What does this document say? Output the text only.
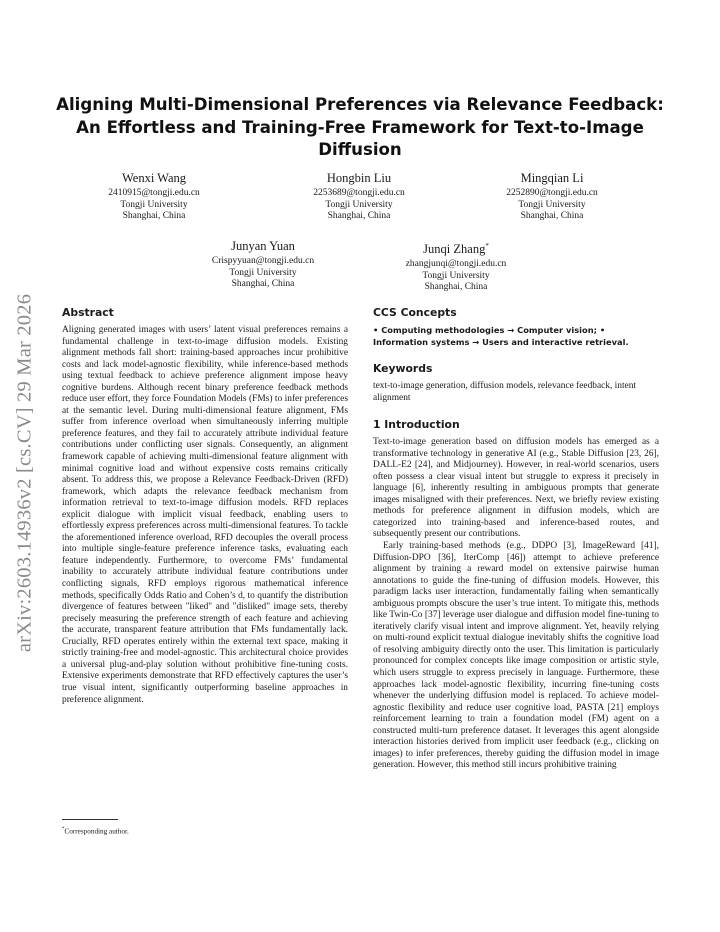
arXiv:2603.14936v2 [cs.CV] 29 Mar 2026
Aligning Multi-Dimensional Preferences via Relevance Feedback:
An Effortless and Training-Free Framework for Text-to-Image
Diffusion
Wenxi Wang
2410915@tongji.edu.cn
Tongji University
Shanghai, China
Hongbin Liu
2253689@tongji.edu.cn
Tongji University
Shanghai, China
Mingqian Li
2252890@tongji.edu.cn
Tongji University
Shanghai, China
Junyan Yuan
Crispyyuan@tongji.edu.cn
Tongji University
Shanghai, China
Junqi Zhang*
zhangjunqi@tongji.edu.cn
Tongji University
Shanghai, China
Abstract

Aligning generated images with users’ latent visual preferences remains a fundamental challenge in text-to-image diffusion models. Existing alignment methods fall short: training-based approaches incur prohibitive costs and lack model-agnostic flexibility, while inference-based methods using textual feedback to achieve preference alignment impose heavy cognitive burdens. Although recent binary preference feedback methods reduce user effort, they force Foundation Models (FMs) to infer preferences at the semantic level. During multi-dimensional feature alignment, FMs suffer from inference overload when simultaneously inferring multiple preference features, and they fail to accurately attribute individual feature contributions under conflicting user signals. Consequently, an alignment framework capable of achieving multi-dimensional feature alignment with minimal cognitive load and without expensive costs remains critically absent. To address this, we propose a Relevance Feedback-Driven (RFD) framework, which adapts the relevance feedback mechanism from information retrieval to text-to-image diffusion models. RFD replaces explicit dialogue with implicit visual feedback, enabling users to effortlessly express preferences across multi-dimensional features. To tackle the aforementioned inference overload, RFD decouples the overall process into multiple single-feature preference inference tasks, evaluating each feature independently. Furthermore, to overcome FMs’ fundamental inability to accurately attribute individual feature contributions under conflicting signals, RFD employs rigorous mathematical inference methods, specifically Odds Ratio and Cohen’s d, to quantify the distribution divergence of features between "liked" and "disliked" image sets, thereby precisely measuring the preference strength of each feature and achieving the accurate, transparent feature attribution that FMs fundamentally lack. Crucially, RFD operates entirely within the external text space, making it strictly training-free and model-agnostic. This architectural choice provides a universal plug-and-play solution without prohibitive fine-tuning costs. Extensive experiments demonstrate that RFD effectively captures the user’s true visual intent, significantly outperforming baseline approaches in preference alignment.

CCS Concepts

• Computing methodologies → Computer vision; • Information systems → Users and interactive retrieval.

Keywords

text-to-image generation, diffusion models, relevance feedback, intent alignment

1 Introduction

Text-to-image generation based on diffusion models has emerged as a transformative technology in generative AI (e.g., Stable Diffusion [23, 26], DALL-E2 [24], and Midjourney). However, in real-world scenarios, users often possess a clear visual intent but struggle to express it precisely in language [6], inherently resulting in ambiguous prompts that generate images misaligned with their preferences. Next, we briefly review existing methods for preference alignment in diffusion models, which are categorized into training-based and inference-based routes, and subsequently present our contributions.

Early training-based methods (e.g., DDPO [3], ImageReward [41], Diffusion-DPO [36], IterComp [46]) attempt to achieve preference alignment by training a reward model on extensive pairwise human annotations to guide the fine-tuning of diffusion models. However, this paradigm lacks user interaction, fundamentally failing when semantically ambiguous prompts obscure the user’s true intent. To mitigate this, methods like Twin-Co [37] leverage user dialogue and diffusion model fine-tuning to iteratively clarify visual intent and improve alignment. Yet, heavily relying on multi-round explicit textual dialogue inevitably shifts the cognitive load of resolving ambiguity directly onto the user. This limitation is particularly pronounced for complex concepts like image composition or artistic style, which users struggle to express precisely in language. Furthermore, these approaches lack model-agnostic flexibility, incurring fine-tuning costs whenever the underlying diffusion model is replaced. To achieve model-agnostic flexibility and reduce user cognitive load, PASTA [21] employs reinforcement learning to train a foundation model (FM) agent on a constructed multi-turn preference dataset. It leverages this agent alongside interaction histories derived from implicit user feedback (e.g., clicking on images) to infer preferences, thereby guiding the diffusion model in image generation. However, this method still incurs prohibitive training

*Corresponding author.
